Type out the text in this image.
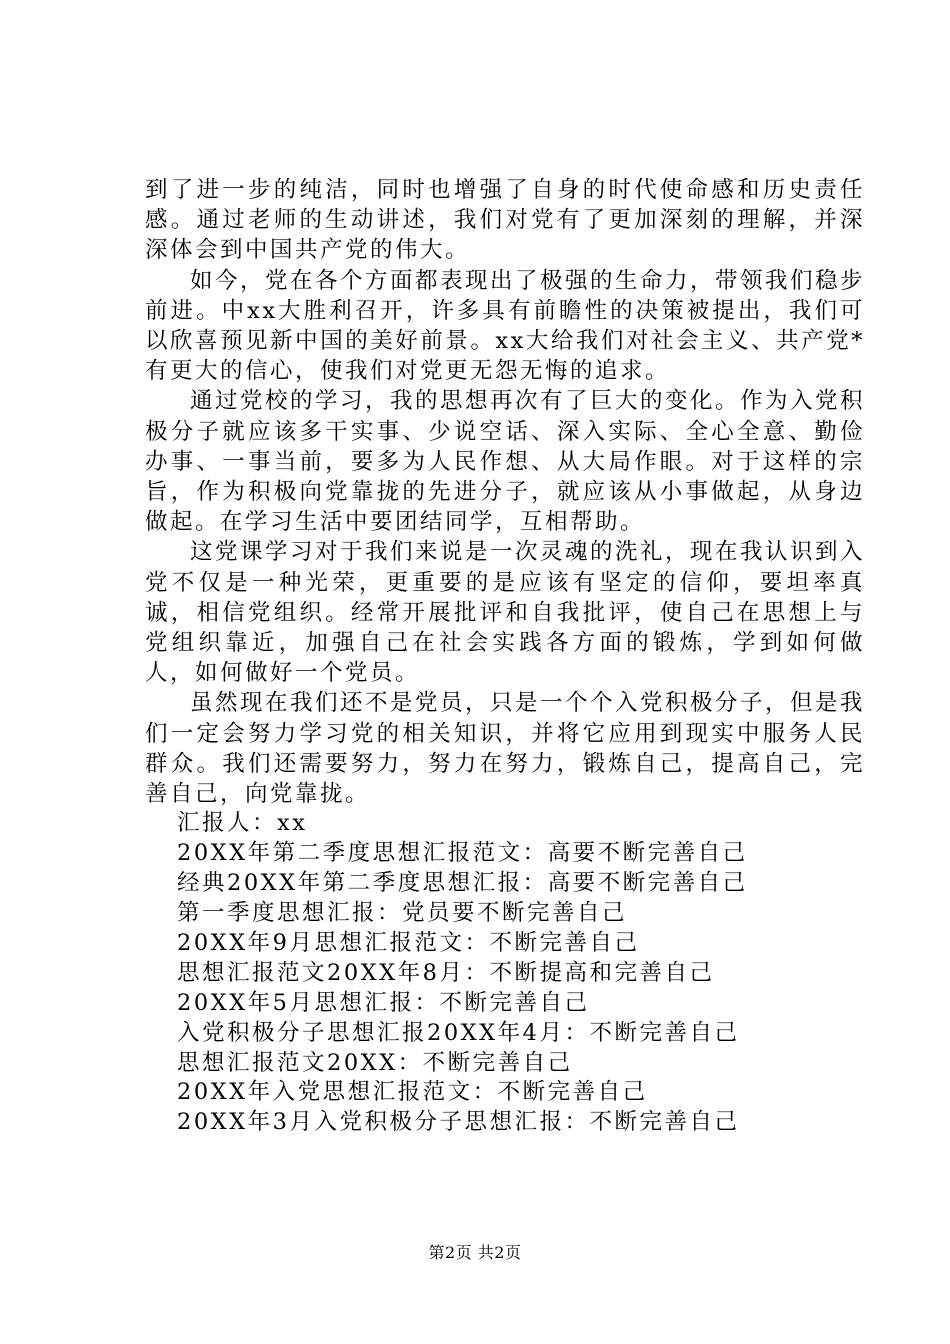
到了进一步的纯洁，同时也增强了自身的时代使命感和历史责任感。通过老师的生动讲述，我们对党有了更加深刻的理解，并深深体会到中国共产党的伟大。

如今，党在各个方面都表现出了极强的生命力，带领我们稳步前进。中xx大胜利召开，许多具有前瞻性的决策被提出，我们可以欣喜预见新中国的美好前景。xx大给我们对社会主义、共产党*有更大的信心，使我们对党更无怨无悔的追求。

通过党校的学习，我的思想再次有了巨大的变化。作为入党积极分子就应该多干实事、少说空话、深入实际、全心全意、勤俭办事、一事当前，要多为人民作想、从大局作眼。对于这样的宗旨，作为积极向党靠拢的先进分子，就应该从小事做起，从身边做起。在学习生活中要团结同学，互相帮助。

这党课学习对于我们来说是一次灵魂的洗礼，现在我认识到入党不仅是一种光荣，更重要的是应该有坚定的信仰，要坦率真诚，相信党组织。经常开展批评和自我批评，使自己在思想上与党组织靠近，加强自己在社会实践各方面的锻炼，学到如何做人，如何做好一个党员。

虽然现在我们还不是党员，只是一个个入党积极分子，但是我们一定会努力学习党的相关知识，并将它应用到现实中服务人民群众。我们还需要努力，努力在努力，锻炼自己，提高自己，完善自己，向党靠拢。

汇报人：xx

20XX年第二季度思想汇报范文：高要不断完善自己

经典20XX年第二季度思想汇报：高要不断完善自己

第一季度思想汇报：党员要不断完善自己

20XX年9月思想汇报范文：不断完善自己

思想汇报范文20XX年8月：不断提高和完善自己

20XX年5月思想汇报：不断完善自己

入党积极分子思想汇报20XX年4月：不断完善自己

思想汇报范文20XX：不断完善自己

20XX年入党思想汇报范文：不断完善自己

20XX年3月入党积极分子思想汇报：不断完善自己

第2页 共2页
